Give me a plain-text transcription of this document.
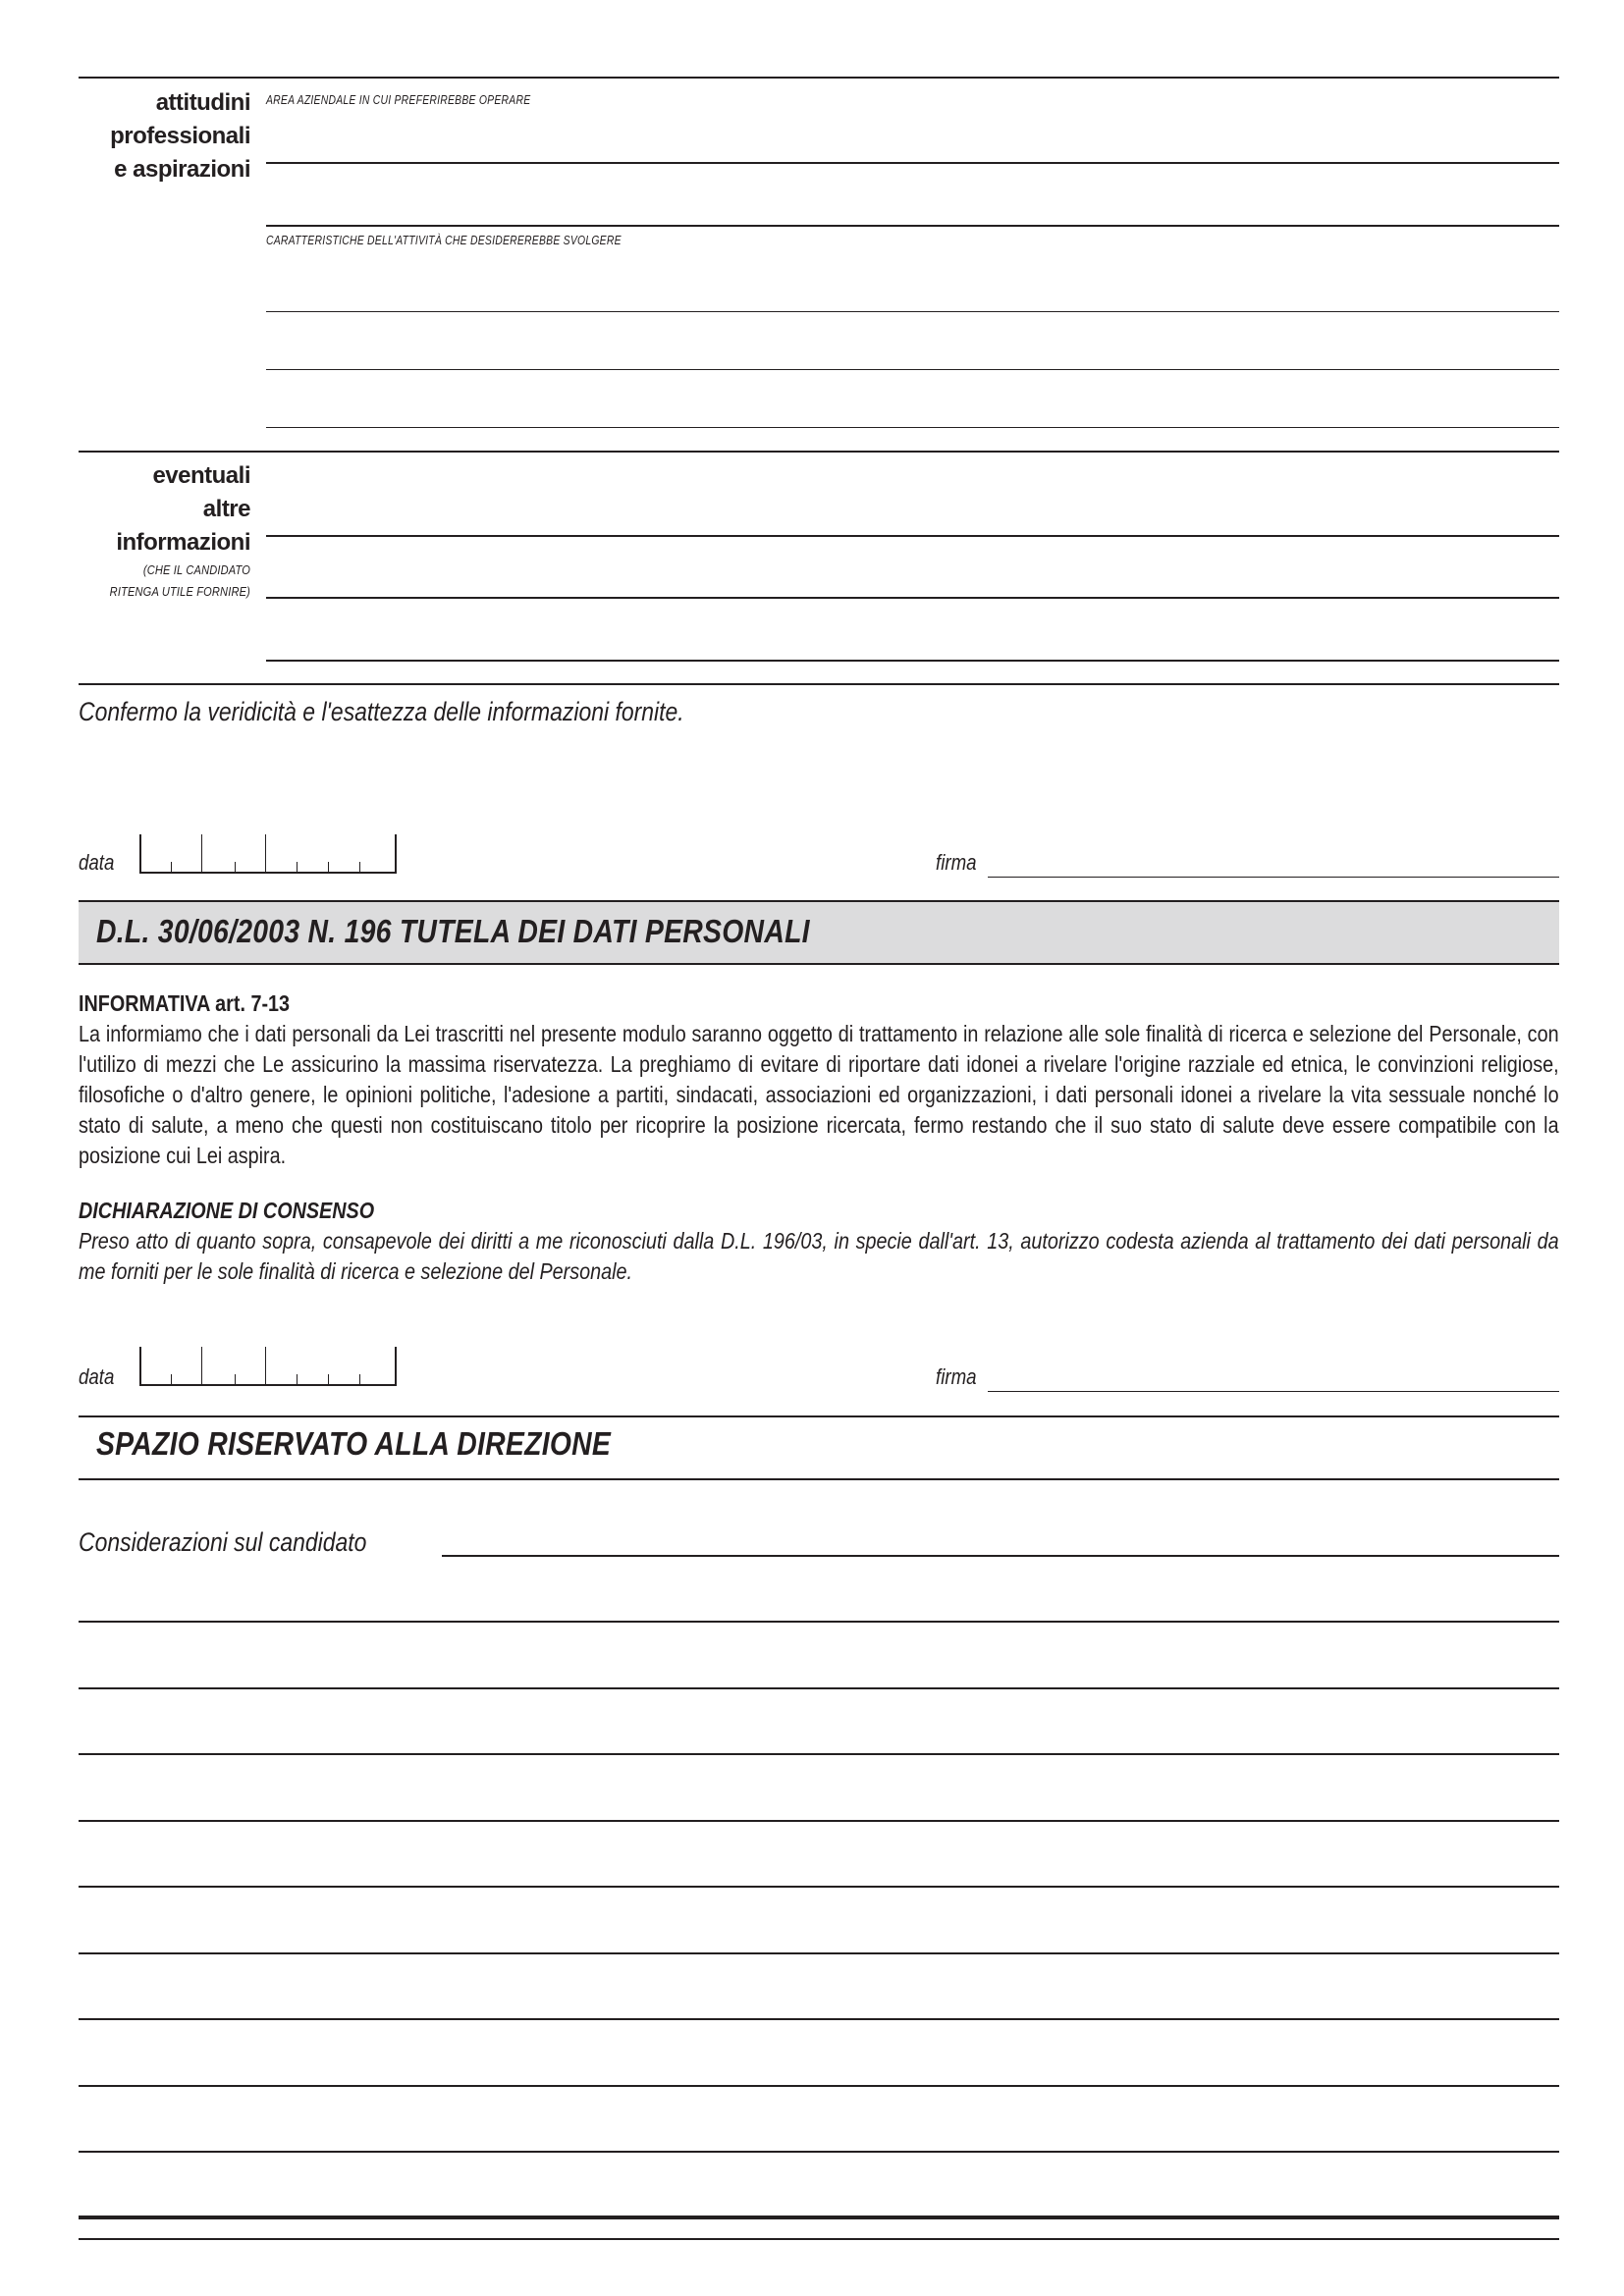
attitudini
professionali
e aspirazioni
AREA AZIENDALE IN CUI PREFERIREBBE OPERARE
CARATTERISTICHE DELL'ATTIVITÀ CHE DESIDEREREBBE SVOLGERE
eventuali
altre
informazioni
(CHE IL CANDIDATO
RITENGA UTILE FORNIRE)
Confermo la veridicità e l'esattezza delle informazioni fornite.
data	firma
D.L. 30/06/2003 N. 196 TUTELA DEI DATI PERSONALI
INFORMATIVA art. 7-13
La informiamo che i dati personali da Lei trascritti nel presente modulo saranno oggetto di trattamento in relazione alle sole finalità di ricerca e selezione del Personale, con l'utilizo di mezzi che Le assicurino la massima riservatezza. La preghiamo di evitare di riportare dati idonei a rivelare l'origine razziale ed etnica, le convinzioni religiose, filosofiche o d'altro genere, le opinioni politiche, l'adesione a partiti, sindacati, associazioni ed organizzazioni, i dati personali idonei a rivelare la vita sessuale nonché lo stato di salute, a meno che questi non costituiscano titolo per ricoprire la posizione ricercata, fermo restando che il suo stato di salute deve essere compatibile con la posizione cui Lei aspira.
DICHIARAZIONE DI CONSENSO
Preso atto di quanto sopra, consapevole dei diritti a me riconosciuti dalla D.L. 196/03, in specie dall'art. 13, autorizzo codesta azienda al trattamento dei dati personali da me forniti per le sole finalità di ricerca e selezione del Personale.
data	firma
SPAZIO RISERVATO ALLA DIREZIONE
Considerazioni sul candidato
